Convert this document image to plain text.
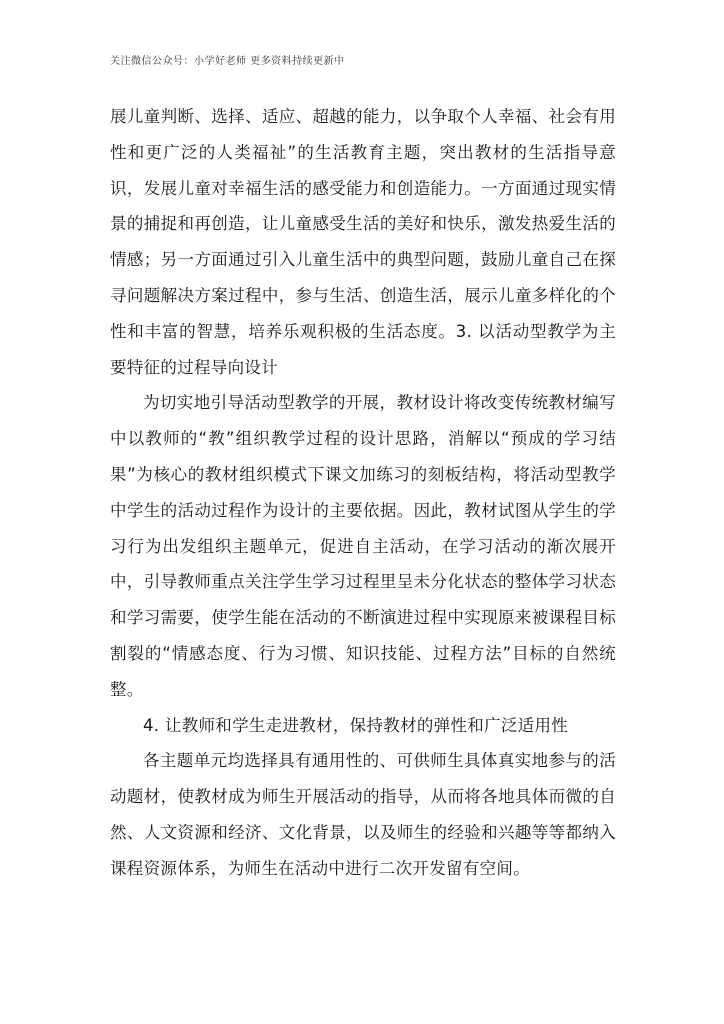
关注微信公众号：小学好老师 更多资料持续更新中

展儿童判断、选择、适应、超越的能力，以争取个人幸福、社会有用性和更广泛的人类福祉”的生活教育主题，突出教材的生活指导意识，发展儿童对幸福生活的感受能力和创造能力。一方面通过现实情景的捕捉和再创造，让儿童感受生活的美好和快乐，激发热爱生活的情感；另一方面通过引入儿童生活中的典型问题，鼓励儿童自己在探寻问题解决方案过程中，参与生活、创造生活，展示儿童多样化的个性和丰富的智慧，培养乐观积极的生活态度。3. 以活动型教学为主要特征的过程导向设计

为切实地引导活动型教学的开展，教材设计将改变传统教材编写中以教师的“教”组织教学过程的设计思路，消解以“预成的学习结果”为核心的教材组织模式下课文加练习的刻板结构，将活动型教学中学生的活动过程作为设计的主要依据。因此，教材试图从学生的学习行为出发组织主题单元，促进自主活动，在学习活动的渐次展开中，引导教师重点关注学生学习过程里呈未分化状态的整体学习状态和学习需要，使学生能在活动的不断演进过程中实现原来被课程目标割裂的“情感态度、行为习惯、知识技能、过程方法”目标的自然统整。

4. 让教师和学生走进教材，保持教材的弹性和广泛适用性

各主题单元均选择具有通用性的、可供师生具体真实地参与的活动题材，使教材成为师生开展活动的指导，从而将各地具体而微的自然、人文资源和经济、文化背景，以及师生的经验和兴趣等等都纳入课程资源体系，为师生在活动中进行二次开发留有空间。
